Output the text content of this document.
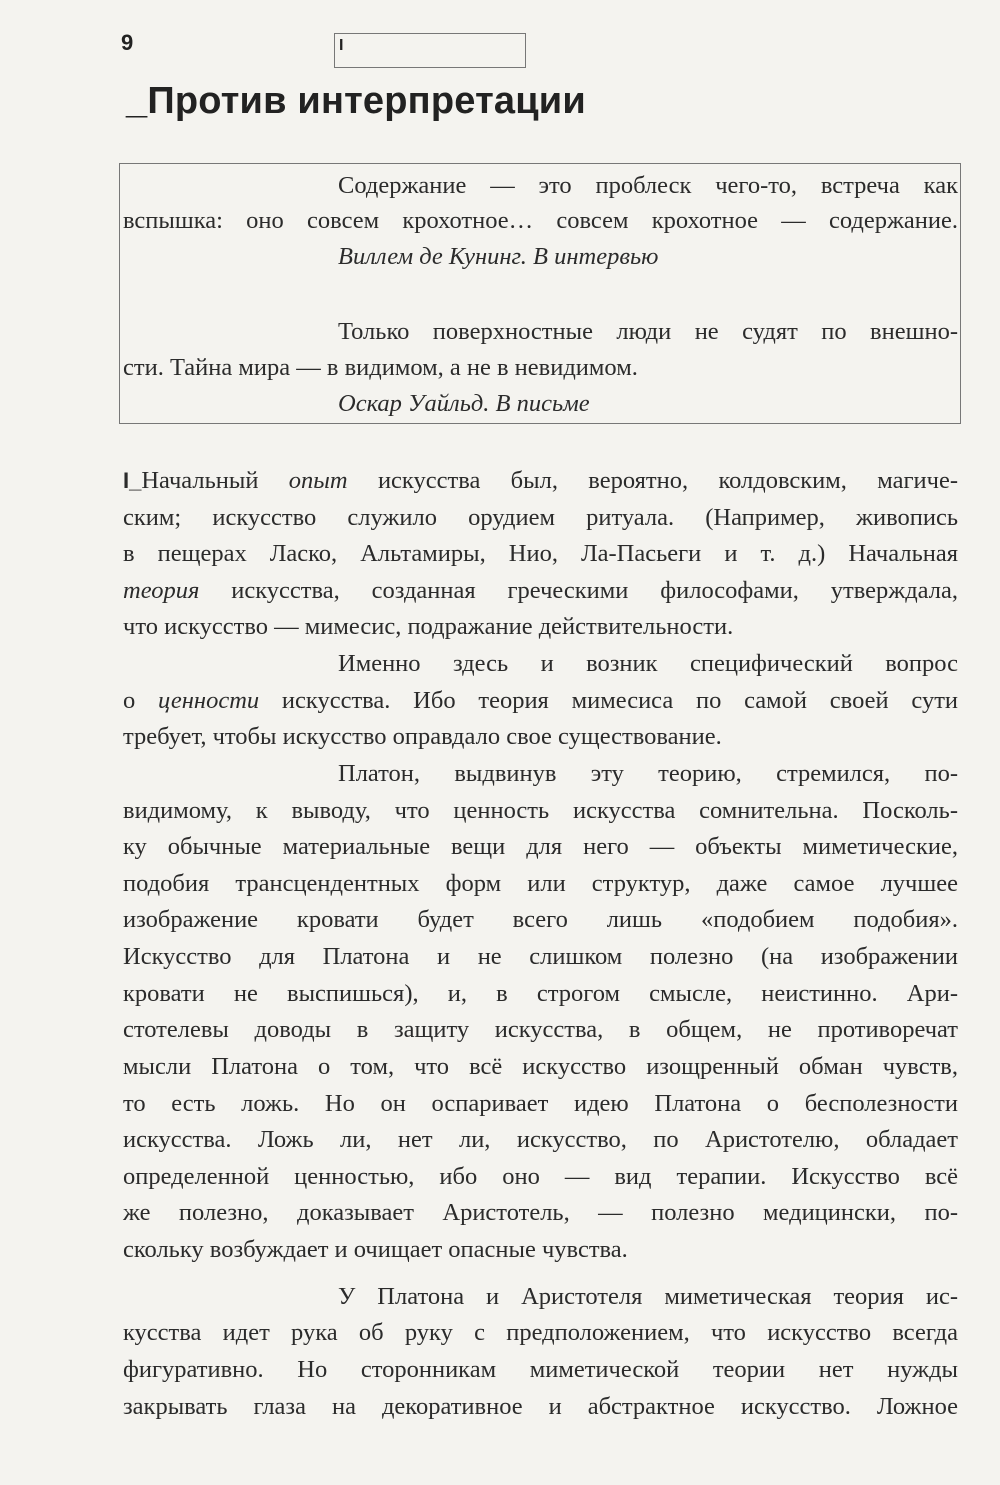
9	I
_Против интерпретации
Содержание — это проблеск чего-то, встреча как
вспышка: оно совсем крохотное… совсем крохотное — содержание.
Виллем де Кунинг. В интервью
Только поверхностные люди не судят по внешно-
сти. Тайна мира — в видимом, а не в невидимом.
Оскар Уайльд. В письме
I_Начальный опыт искусства был, вероятно, колдовским, магиче-
ским; искусство служило орудием ритуала. (Например, живопись
в пещерах Ласко, Альтамиры, Нио, Ла-Пасьеги и т. д.) Начальная
теория искусства, созданная греческими философами, утверждала,
что искусство — мимесис, подражание действительности.
Именно здесь и возник специфический вопрос
о ценности искусства. Ибо теория мимесиса по самой своей сути
требует, чтобы искусство оправдало свое существование.
Платон, выдвинув эту теорию, стремился, по-
видимому, к выводу, что ценность искусства сомнительна. Посколь-
ку обычные материальные вещи для него — объекты миметические,
подобия трансцендентных форм или структур, даже самое лучшее
изображение кровати будет всего лишь «подобием подобия».
Искусство для Платона и не слишком полезно (на изображении
кровати не выспишься), и, в строгом смысле, неистинно. Ари-
стотелевы доводы в защиту искусства, в общем, не противоречат
мысли Платона о том, что всё искусство изощренный обман чувств,
то есть ложь. Но он оспаривает идею Платона о бесполезности
искусства. Ложь ли, нет ли, искусство, по Аристотелю, обладает
определенной ценностью, ибо оно — вид терапии. Искусство всё
же полезно, доказывает Аристотель, — полезно медицински, по-
скольку возбуждает и очищает опасные чувства.
У Платона и Аристотеля миметическая теория ис-
кусства идет рука об руку с предположением, что искусство всегда
фигуративно. Но сторонникам миметической теории нет нужды
закрывать глаза на декоративное и абстрактное искусство. Ложное
